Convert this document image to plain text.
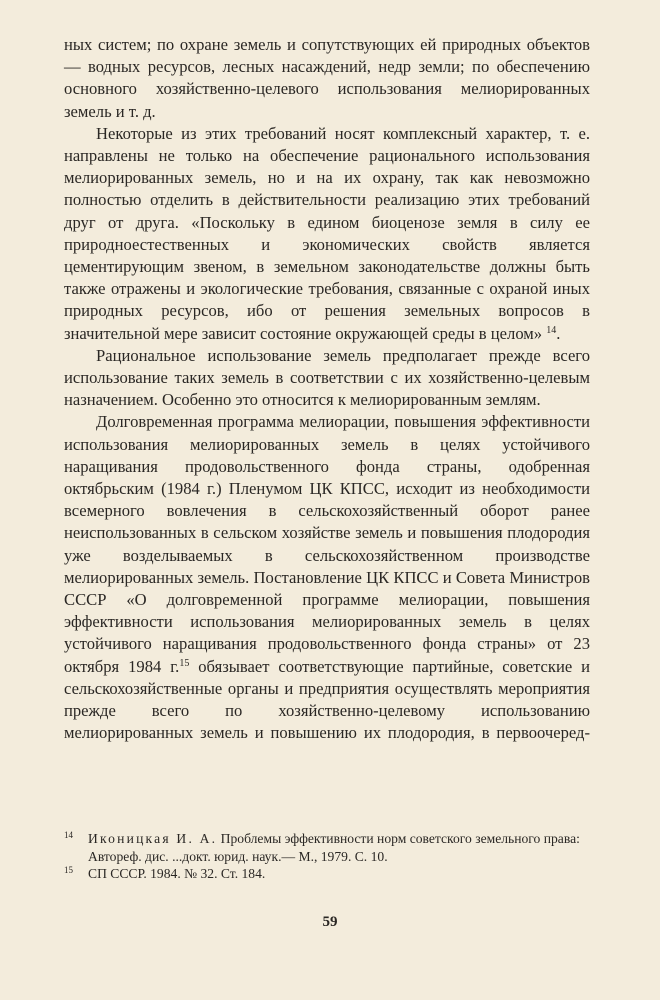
ных систем; по охране земель и сопутствующих ей природных объектов — водных ресурсов, лесных насаждений, недр земли; по обеспечению основного хозяйственно-целевого использования мелиорированных земель и т. д.

Некоторые из этих требований носят комплексный характер, т. е. направлены не только на обеспечение рационального использования мелиорированных земель, но и на их охрану, так как невозможно полностью отделить в действительности реализацию этих требований друг от друга. «Поскольку в едином биоценозе земля в силу ее природноестественных и экономических свойств является цементирующим звеном, в земельном законодательстве должны быть также отражены и экологические требования, связанные с охраной иных природных ресурсов, ибо от решения земельных вопросов в значительной мере зависит состояние окружающей среды в целом» $^{14}$.

Рациональное использование земель предполагает прежде всего использование таких земель в соответствии с их хозяйственно-целевым назначением. Особенно это относится к мелиорированным землям.

Долговременная программа мелиорации, повышения эффективности использования мелиорированных земель в целях устойчивого наращивания продовольственного фонда страны, одобренная октябрьским (1984 г.) Пленумом ЦК КПСС, исходит из необходимости всемерного вовлечения в сельскохозяйственный оборот ранее неиспользованных в сельском хозяйстве земель и повышения плодородия уже возделываемых в сельскохозяйственном производстве мелиорированных земель. Постановление ЦК КПСС и Совета Министров СССР «О долговременной программе мелиорации, повышения эффективности использования мелиорированных земель в целях устойчивого наращивания продовольственного фонда страны» от 23 октября 1984 г.$^{15}$ обязывает соответствующие партийные, советские и сельскохозяйственные органы и предприятия осуществлять мероприятия прежде всего по хозяйственно-целевому использованию мелиорированных земель и повышению их плодородия, в первоочеред-

14 Иконицкая И. А. Проблемы эффективности норм советского земельного права: Автореф. дис. ...докт. юрид. наук.— М., 1979. С. 10.

15 СП СССР. 1984. № 32. Ст. 184.

59
